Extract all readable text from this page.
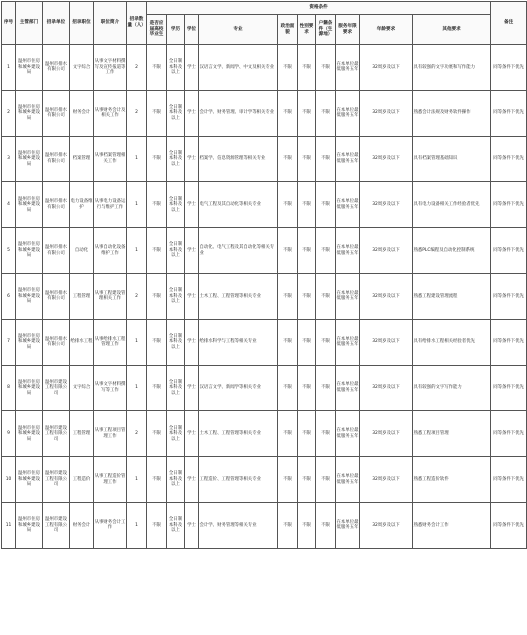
序号	主管部门	招录单位	招录职位	职位简介	招录数量（人）	资格条件										备注
						是否应届高校毕业生	学历	学位	专业	政治面貌	性别要求	户籍条件（生源地）	服务年限要求	年龄要求	其他要求	
1	温州市住房和城乡建设局	温州市排水有限公司	文字综合	从事文字材料撰写及宣传报道等工作	2	不限	全日制本科及以上	学士	汉语言文学、新闻学、中文及相关专业	不限	不限	不限	在本单位最低服务五年	32周岁及以下	具有较强的文字功底和写作能力	同等条件下优先
2	温州市住房和城乡建设局	温州市排水有限公司	财务会计	从事财务会计及相关工作	2	不限	全日制本科及以上	学士	会计学、财务管理、审计学等相关专业	不限	不限	不限	在本单位最低服务五年	32周岁及以下	熟悉会计法规及财务软件操作	同等条件下优先
3	温州市住房和城乡建设局	温州市排水有限公司	档案管理	从事档案管理相关工作	1	不限	全日制本科及以上	学士	档案学、信息资源管理等相关专业	不限	不限	不限	在本单位最低服务五年	32周岁及以下	具有档案管理基础知识	同等条件下优先
4	温州市住房和城乡建设局	温州市排水有限公司	电力设备维护	从事电力设备运行与维护工作	1	不限	全日制本科及以上	学士	电气工程及其自动化等相关专业	不限	不限	不限	在本单位最低服务五年	32周岁及以下	具有电力设备相关工作经验者优先	同等条件下优先
5	温州市住房和城乡建设局	温州市排水有限公司	自动化	从事自动化设备维护工作	1	不限	全日制本科及以上	学士	自动化、电气工程及其自动化等相关专业	不限	不限	不限	在本单位最低服务五年	32周岁及以下	熟悉PLC编程及自动化控制系统	同等条件下优先
6	温州市住房和城乡建设局	温州市排水有限公司	工程管理	从事工程建设管理相关工作	2	不限	全日制本科及以上	学士	土木工程、工程管理等相关专业	不限	不限	不限	在本单位最低服务五年	32周岁及以下	熟悉工程建设管理流程	同等条件下优先
7	温州市住房和城乡建设局	温州市排水有限公司	给排水工程	从事给排水工程管理工作	1	不限	全日制本科及以上	学士	给排水科学与工程等相关专业	不限	不限	不限	在本单位最低服务五年	32周岁及以下	具有给排水工程相关经验者优先	同等条件下优先
8	温州市住房和城乡建设局	温州市建设工程有限公司	文字综合	从事文字材料撰写等工作	1	不限	全日制本科及以上	学士	汉语言文学、新闻学等相关专业	不限	不限	不限	在本单位最低服务五年	32周岁及以下	具有较强的文字写作能力	同等条件下优先
9	温州市住房和城乡建设局	温州市建设工程有限公司	工程管理	从事工程项目管理工作	2	不限	全日制本科及以上	学士	土木工程、工程管理等相关专业	不限	不限	不限	在本单位最低服务五年	32周岁及以下	熟悉工程项目管理	同等条件下优先
10	温州市住房和城乡建设局	温州市建设工程有限公司	工程造价	从事工程造价管理工作	1	不限	全日制本科及以上	学士	工程造价、工程管理等相关专业	不限	不限	不限	在本单位最低服务五年	32周岁及以下	熟悉工程造价软件	同等条件下优先
11	温州市住房和城乡建设局	温州市建设工程有限公司	财务会计	从事财务会计工作	1	不限	全日制本科及以上	学士	会计学、财务管理等相关专业	不限	不限	不限	在本单位最低服务五年	32周岁及以下	熟悉财务会计工作	同等条件下优先
